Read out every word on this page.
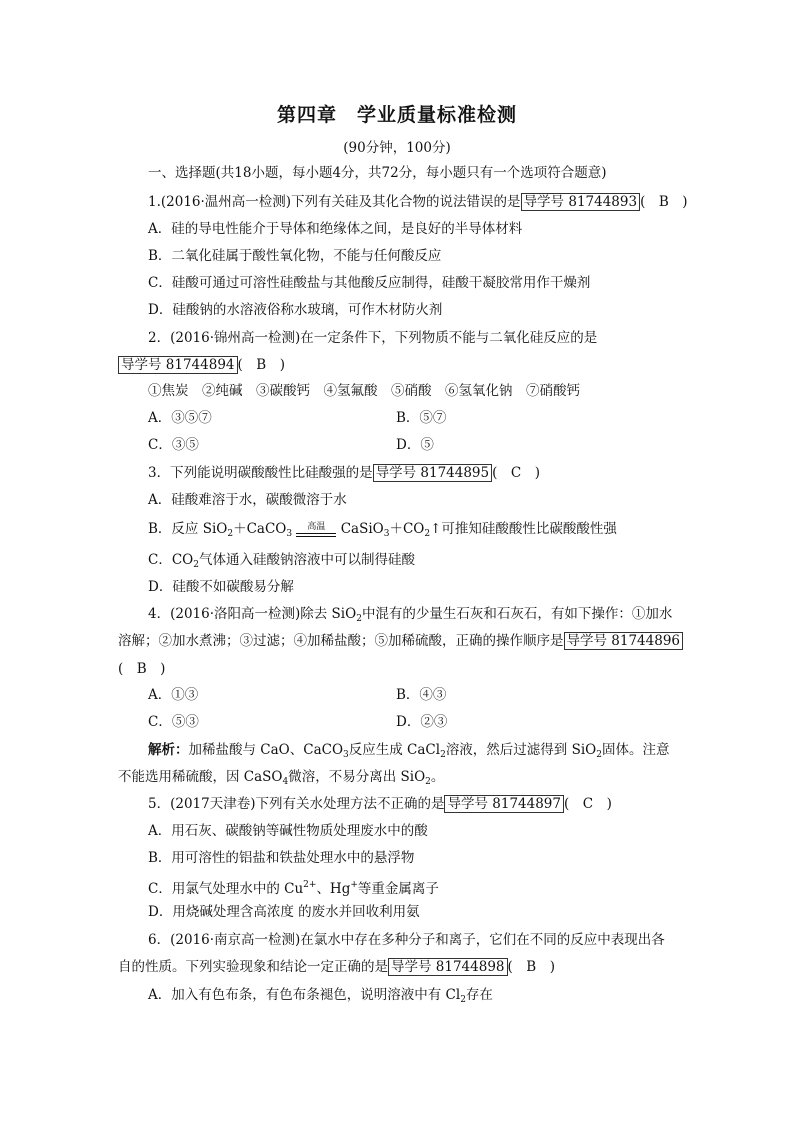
第四章　学业质量标准检测
(90分钟，100分)
一、选择题(共18小题，每小题4分，共72分，每小题只有一个选项符合题意)
1.(2016·温州高一检测)下列有关硅及其化合物的说法错误的是 导学号 81744893 (　B　)
A．硅的导电性能介于导体和绝缘体之间，是良好的半导体材料
B．二氧化硅属于酸性氧化物，不能与任何酸反应
C．硅酸可通过可溶性硅酸盐与其他酸反应制得，硅酸干凝胶常用作干燥剂
D．硅酸钠的水溶液俗称水玻璃，可作木材防火剂
2．(2016·锦州高一检测)在一定条件下，下列物质不能与二氧化硅反应的是
导学号 81744894 (　B　)
①焦炭　②纯碱　③碳酸钙　④氢氟酸　⑤硝酸　⑥氢氧化钠　⑦硝酸钙
A．③⑤⑦	B．⑤⑦
C．③⑤	D．⑤
3．下列能说明碳酸酸性比硅酸强的是 导学号 81744895 (　C　)
A．硅酸难溶于水，碳酸微溶于水
B．反应 SiO$_2$＋CaCO$_3$
高温	$CaSiO_3+CO_2↑$可推知硅酸酸性比碳酸酸性强
C．$CO_2$气体通入硅酸钠溶液中可以制得硅酸
D．硅酸不如碳酸易分解
4．(2016·洛阳高一检测)除去 SiO$_2$中混有的少量生石灰和石灰石，有如下操作：①加水
溶解；②加水煮沸；③过滤；④加稀盐酸；⑤加稀硫酸，正确的操作顺序是 导学号 81744896
(　B　)
A．①③	B．④③
C．⑤③	D．②③
解析：加稀盐酸与 CaO、CaCO$_3$反应生成 CaCl$_2$溶液，然后过滤得到 SiO$_2$固体。注意
不能选用稀硫酸，因 CaSO$_4$微溶，不易分离出 SiO$_2$。
5．(2017天津卷)下列有关水处理方法不正确的是 导学号 81744897 (　C　)
A．用石灰、碳酸钠等碱性物质处理废水中的酸
B．用可溶性的铝盐和铁盐处理水中的悬浮物
C．用氯气处理水中的 $Cu^{2+}$、Hg+等重金属离子
D．用烧碱处理含高浓度 的废水并回收利用氨
6．(2016·南京高一检测)在氯水中存在多种分子和离子，它们在不同的反应中表现出各
自的性质。下列实验现象和结论一定正确的是 导学号 81744898 (　B　)
A．加入有色布条，有色布条褪色，说明溶液中有 $Cl_2$存在
